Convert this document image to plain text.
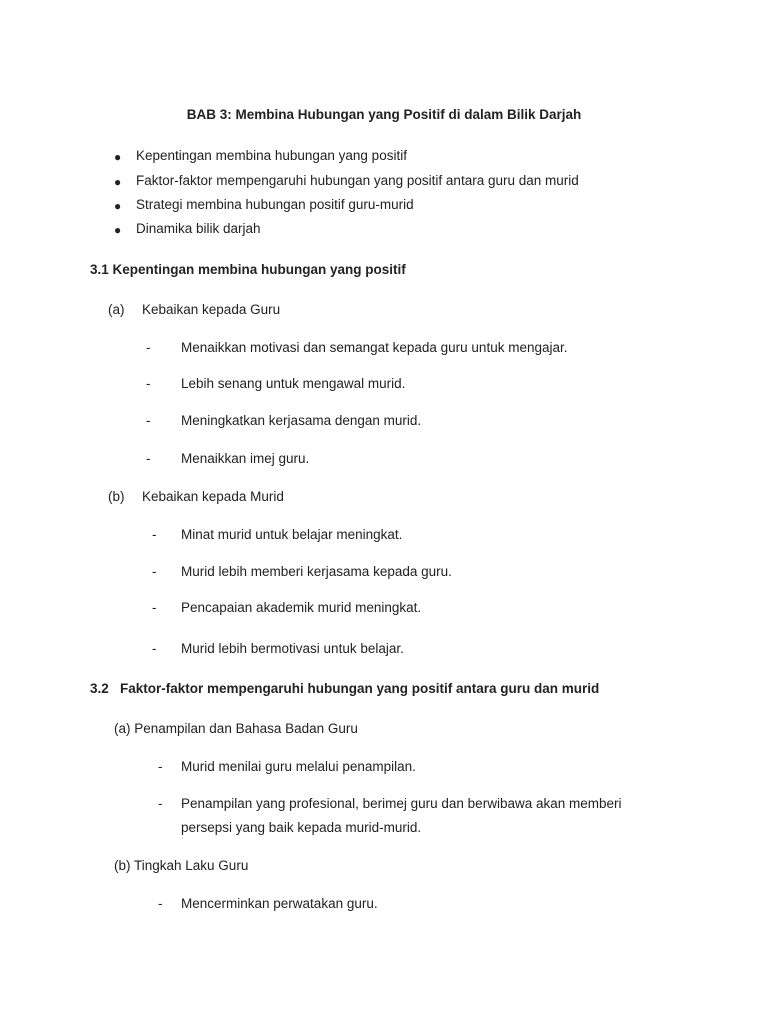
BAB 3: Membina Hubungan yang Positif di dalam Bilik Darjah
● Kepentingan membina hubungan yang positif
● Faktor-faktor mempengaruhi hubungan yang positif antara guru dan murid
● Strategi membina hubungan positif guru-murid
● Dinamika bilik darjah
3.1 Kepentingan membina hubungan yang positif
(a) Kebaikan kepada Guru
- Menaikkan motivasi dan semangat kepada guru untuk mengajar.
- Lebih senang untuk mengawal murid.
- Meningkatkan kerjasama dengan murid.
- Menaikkan imej guru.
(b) Kebaikan kepada Murid
- Minat murid untuk belajar meningkat.
- Murid lebih memberi kerjasama kepada guru.
- Pencapaian akademik murid meningkat.
- Murid lebih bermotivasi untuk belajar.
3.2   Faktor-faktor mempengaruhi hubungan yang positif antara guru dan murid
(a) Penampilan dan Bahasa Badan Guru
- Murid menilai guru melalui penampilan.
- Penampilan yang profesional, berimej guru dan berwibawa akan memberi persepsi yang baik kepada murid-murid.
(b) Tingkah Laku Guru
- Mencerminkan perwatakan guru.
